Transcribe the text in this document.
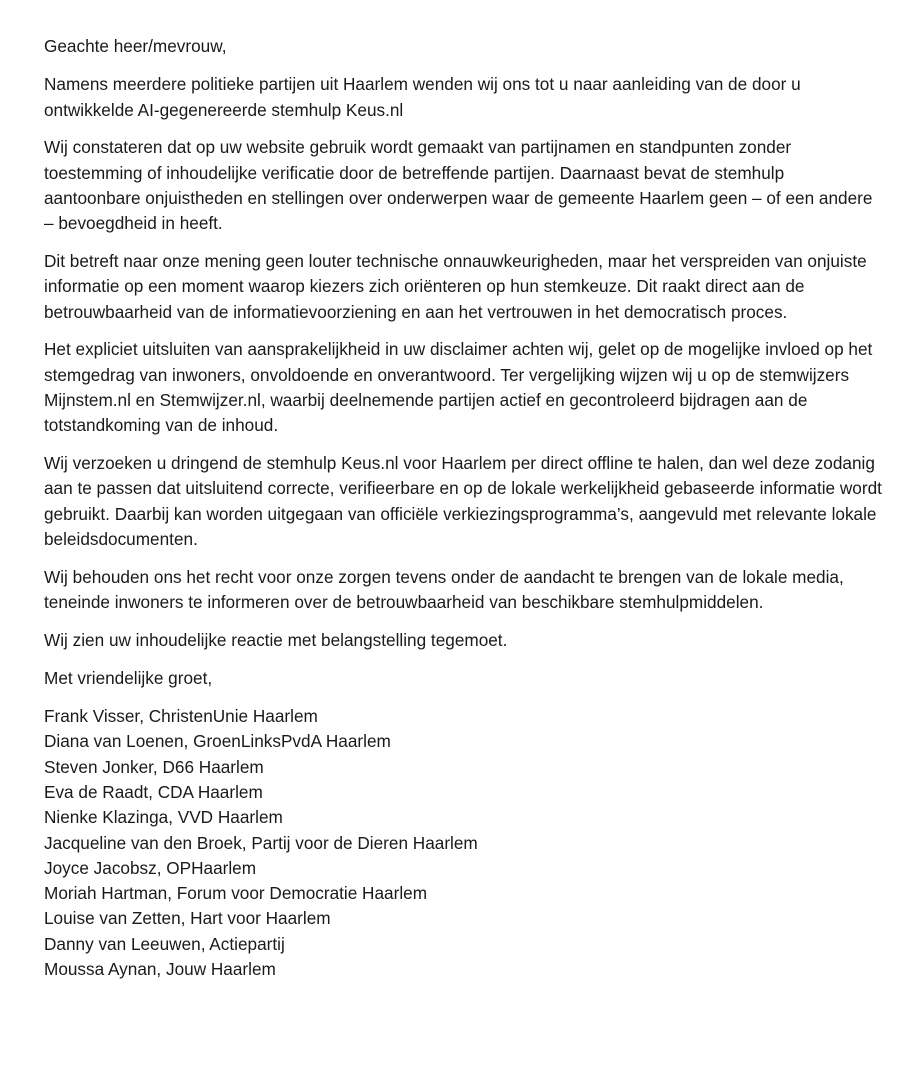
Geachte heer/mevrouw,

Namens meerdere politieke partijen uit Haarlem wenden wij ons tot u naar aanleiding van de door u ontwikkelde AI-gegenereerde stemhulp Keus.nl

Wij constateren dat op uw website gebruik wordt gemaakt van partijnamen en standpunten zonder toestemming of inhoudelijke verificatie door de betreffende partijen. Daarnaast bevat de stemhulp aantoonbare onjuistheden en stellingen over onderwerpen waar de gemeente Haarlem geen – of een andere – bevoegdheid in heeft.

Dit betreft naar onze mening geen louter technische onnauwkeurigheden, maar het verspreiden van onjuiste informatie op een moment waarop kiezers zich oriënteren op hun stemkeuze. Dit raakt direct aan de betrouwbaarheid van de informatievoorziening en aan het vertrouwen in het democratisch proces.

Het expliciet uitsluiten van aansprakelijkheid in uw disclaimer achten wij, gelet op de mogelijke invloed op het stemgedrag van inwoners, onvoldoende en onverantwoord. Ter vergelijking wijzen wij u op de stemwijzers Mijnstem.nl en Stemwijzer.nl, waarbij deelnemende partijen actief en gecontroleerd bijdragen aan de totstandkoming van de inhoud.

Wij verzoeken u dringend de stemhulp Keus.nl voor Haarlem per direct offline te halen, dan wel deze zodanig aan te passen dat uitsluitend correcte, verifieerbare en op de lokale werkelijkheid gebaseerde informatie wordt gebruikt. Daarbij kan worden uitgegaan van officiële verkiezingsprogramma’s, aangevuld met relevante lokale beleidsdocumenten.

Wij behouden ons het recht voor onze zorgen tevens onder de aandacht te brengen van de lokale media, teneinde inwoners te informeren over de betrouwbaarheid van beschikbare stemhulpmiddelen.

Wij zien uw inhoudelijke reactie met belangstelling tegemoet.

Met vriendelijke groet,

Frank Visser, ChristenUnie Haarlem
Diana van Loenen, GroenLinksPvdA Haarlem
Steven Jonker, D66 Haarlem
Eva de Raadt, CDA Haarlem
Nienke Klazinga, VVD Haarlem
Jacqueline van den Broek, Partij voor de Dieren Haarlem
Joyce Jacobsz, OPHaarlem
Moriah Hartman, Forum voor Democratie Haarlem
Louise van Zetten, Hart voor Haarlem
Danny van Leeuwen, Actiepartij
Moussa Aynan, Jouw Haarlem
